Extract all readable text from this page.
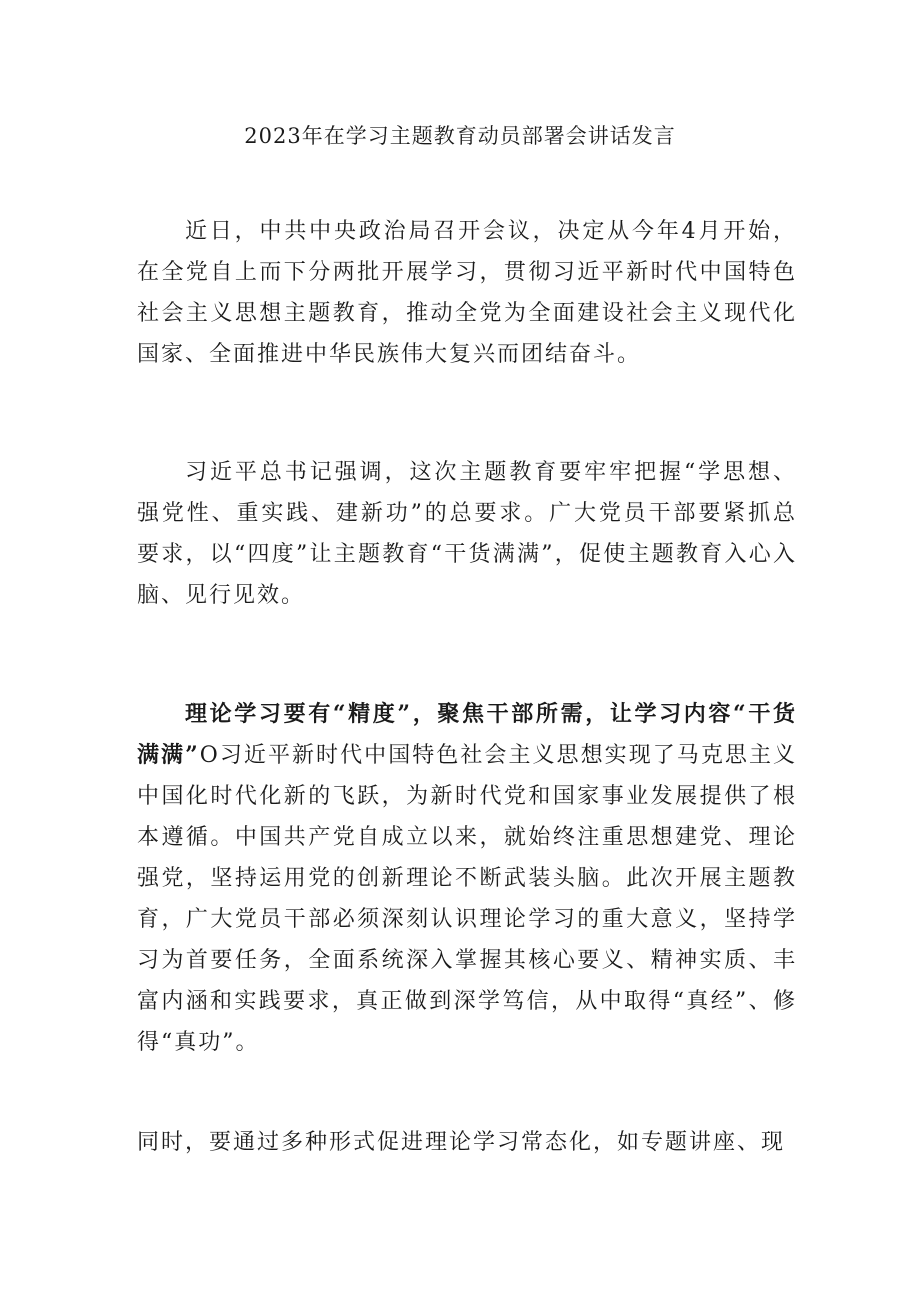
2023年在学习主题教育动员部署会讲话发言

近日，中共中央政治局召开会议，决定从今年4月开始，在全党自上而下分两批开展学习，贯彻习近平新时代中国特色社会主义思想主题教育，推动全党为全面建设社会主义现代化国家、全面推进中华民族伟大复兴而团结奋斗。

习近平总书记强调，这次主题教育要牢牢把握“学思想、强党性、重实践、建新功”的总要求。广大党员干部要紧抓总要求，以“四度”让主题教育“干货满满”，促使主题教育入心入脑、见行见效。

理论学习要有“精度”，聚焦干部所需，让学习内容“干货满满”O习近平新时代中国特色社会主义思想实现了马克思主义中国化时代化新的飞跃，为新时代党和国家事业发展提供了根本遵循。中国共产党自成立以来，就始终注重思想建党、理论强党，坚持运用党的创新理论不断武装头脑。此次开展主题教育，广大党员干部必须深刻认识理论学习的重大意义，坚持学习为首要任务，全面系统深入掌握其核心要义、精神实质、丰富内涵和实践要求，真正做到深学笃信，从中取得“真经”、修得“真功”。

同时，要通过多种形式促进理论学习常态化，如专题讲座、现
